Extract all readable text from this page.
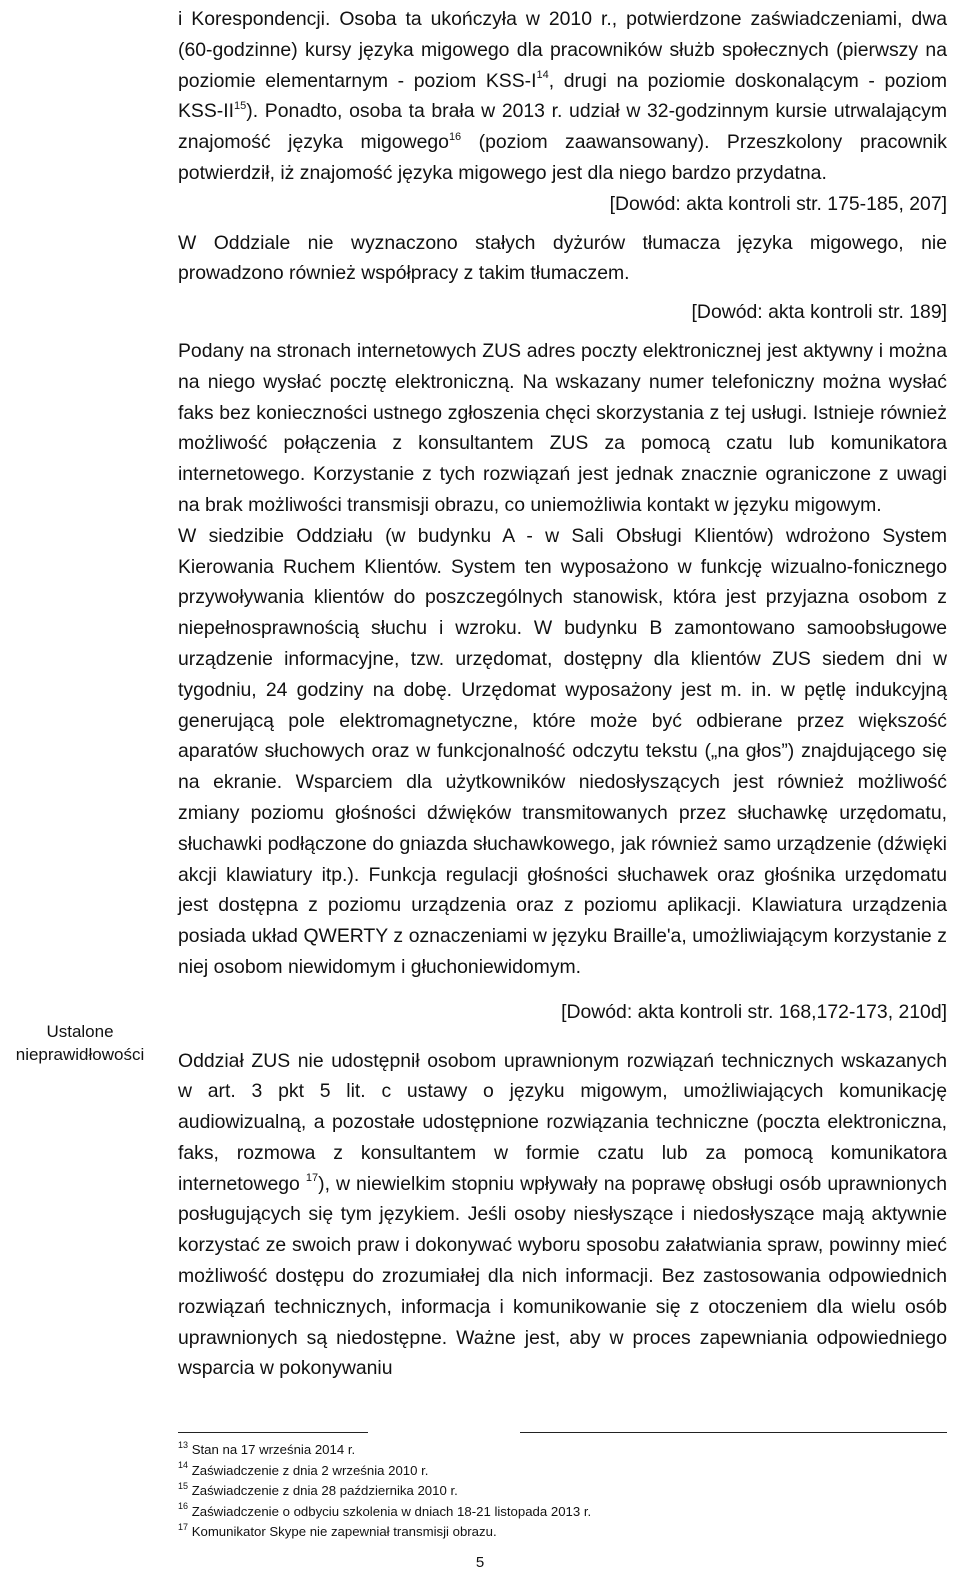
i Korespondencji. Osoba ta ukończyła w 2010 r., potwierdzone zaświadczeniami, dwa (60-godzinne) kursy języka migowego dla pracowników służb społecznych (pierwszy na poziomie elementarnym - poziom KSS-$I^{14}$, drugi na poziomie doskonalącym - poziom KSS-II$^{15}$). Ponadto, osoba ta brała w 2013 r. udział w 32-godzinnym kursie utrwalającym znajomość języka migowego$^{16}$ (poziom zaawansowany). Przeszkolony pracownik potwierdził, iż znajomość języka migowego jest dla niego bardzo przydatna.

[Dowód: akta kontroli str. 175-185, 207]

W Oddziale nie wyznaczono stałych dyżurów tłumacza języka migowego, nie prowadzono również współpracy z takim tłumaczem.

[Dowód: akta kontroli str. 189]

Podany na stronach internetowych ZUS adres poczty elektronicznej jest aktywny i można na niego wysłać pocztę elektroniczną. Na wskazany numer telefoniczny można wysłać faks bez konieczności ustnego zgłoszenia chęci skorzystania z tej usługi. Istnieje również możliwość połączenia z konsultantem ZUS za pomocą czatu lub komunikatora internetowego. Korzystanie z tych rozwiązań jest jednak znacznie ograniczone z uwagi na brak możliwości transmisji obrazu, co uniemożliwia kontakt w języku migowym.

W siedzibie Oddziału (w budynku A - w Sali Obsługi Klientów) wdrożono System Kierowania Ruchem Klientów. System ten wyposażono w funkcję wizualno-fonicznego przywoływania klientów do poszczególnych stanowisk, która jest przyjazna osobom z niepełnosprawnością słuchu i wzroku. W budynku B zamontowano samoobsługowe urządzenie informacyjne, tzw. urzędomat, dostępny dla klientów ZUS siedem dni w tygodniu, 24 godziny na dobę. Urzędomat wyposażony jest m. in. w pętlę indukcyjną generującą pole elektromagnetyczne, które może być odbierane przez większość aparatów słuchowych oraz w funkcjonalność odczytu tekstu („na głos”) znajdującego się na ekranie. Wsparciem dla użytkowników niedosłyszących jest również możliwość zmiany poziomu głośności dźwięków transmitowanych przez słuchawkę urzędomatu, słuchawki podłączone do gniazda słuchawkowego, jak również samo urządzenie (dźwięki akcji klawiatury itp.). Funkcja regulacji głośności słuchawek oraz głośnika urzędomatu jest dostępna z poziomu urządzenia oraz z poziomu aplikacji. Klawiatura urządzenia posiada układ QWERTY z oznaczeniami w języku Braille'a, umożliwiającym korzystanie z niej osobom niewidomym i głuchoniewidomym.

[Dowód: akta kontroli str. 168,172-173, 210d]

Oddział ZUS nie udostępnił osobom uprawnionym rozwiązań technicznych wskazanych w art. 3 pkt 5 lit. c ustawy o języku migowym, umożliwiających komunikację audiowizualną, a pozostałe udostępnione rozwiązania techniczne (poczta elektroniczna, faks, rozmowa z konsultantem w formie czatu lub za pomocą komunikatora internetowego $^{17}$), w niewielkim stopniu wpływały na poprawę obsługi osób uprawnionych posługujących się tym językiem. Jeśli osoby niesłyszące i niedosłyszące mają aktywnie korzystać ze swoich praw i dokonywać wyboru sposobu załatwiania spraw, powinny mieć możliwość dostępu do zrozumiałej dla nich informacji. Bez zastosowania odpowiednich rozwiązań technicznych, informacja i komunikowanie się z otoczeniem dla wielu osób uprawnionych są niedostępne. Ważne jest, aby w proces zapewniania odpowiedniego wsparcia w pokonywaniu

Ustalone
nieprawidłowości

$^{13}$ Stan na 17 września 2014 r.

$^{14}$ Zaświadczenie z dnia 2 września 2010 r.

$^{15}$ Zaświadczenie z dnia 28 października 2010 r.

$^{16}$ Zaświadczenie o odbyciu szkolenia w dniach 18-21 listopada 2013 r.

$^{17}$ Komunikator Skype nie zapewniał transmisji obrazu.

5
